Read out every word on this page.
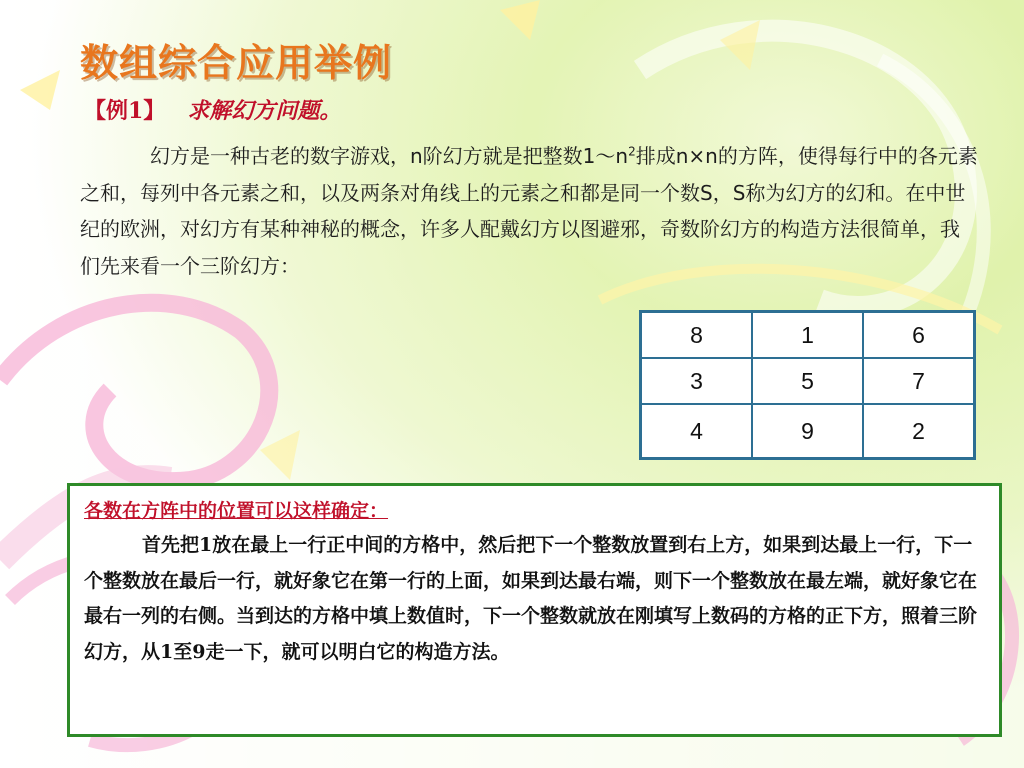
数组综合应用举例
【例1】 求解幻方问题。
幻方是一种古老的数字游戏，n阶幻方就是把整数$1\sim n^2$排成n×n的方阵，使得每行中的各元素之和，每列中各元素之和，以及两条对角线上的元素之和都是同一个数S，S称为幻方的幻和。在中世纪的欧洲，对幻方有某种神秘的概念，许多人配戴幻方以图避邪，奇数阶幻方的构造方法很简单，我们先来看一个三阶幻方：
8	1	6
3	5	7
4	9	2
各数在方阵中的位置可以这样确定：
首先把1放在最上一行正中间的方格中，然后把下一个整数放置到右上方，如果到达最上一行，下一个整数放在最后一行，就好象它在第一行的上面，如果到达最右端，则下一个整数放在最左端，就好象它在最右一列的右侧。当到达的方格中填上数值时，下一个整数就放在刚填写上数码的方格的正下方，照着三阶幻方，从1至9走一下，就可以明白它的构造方法。
